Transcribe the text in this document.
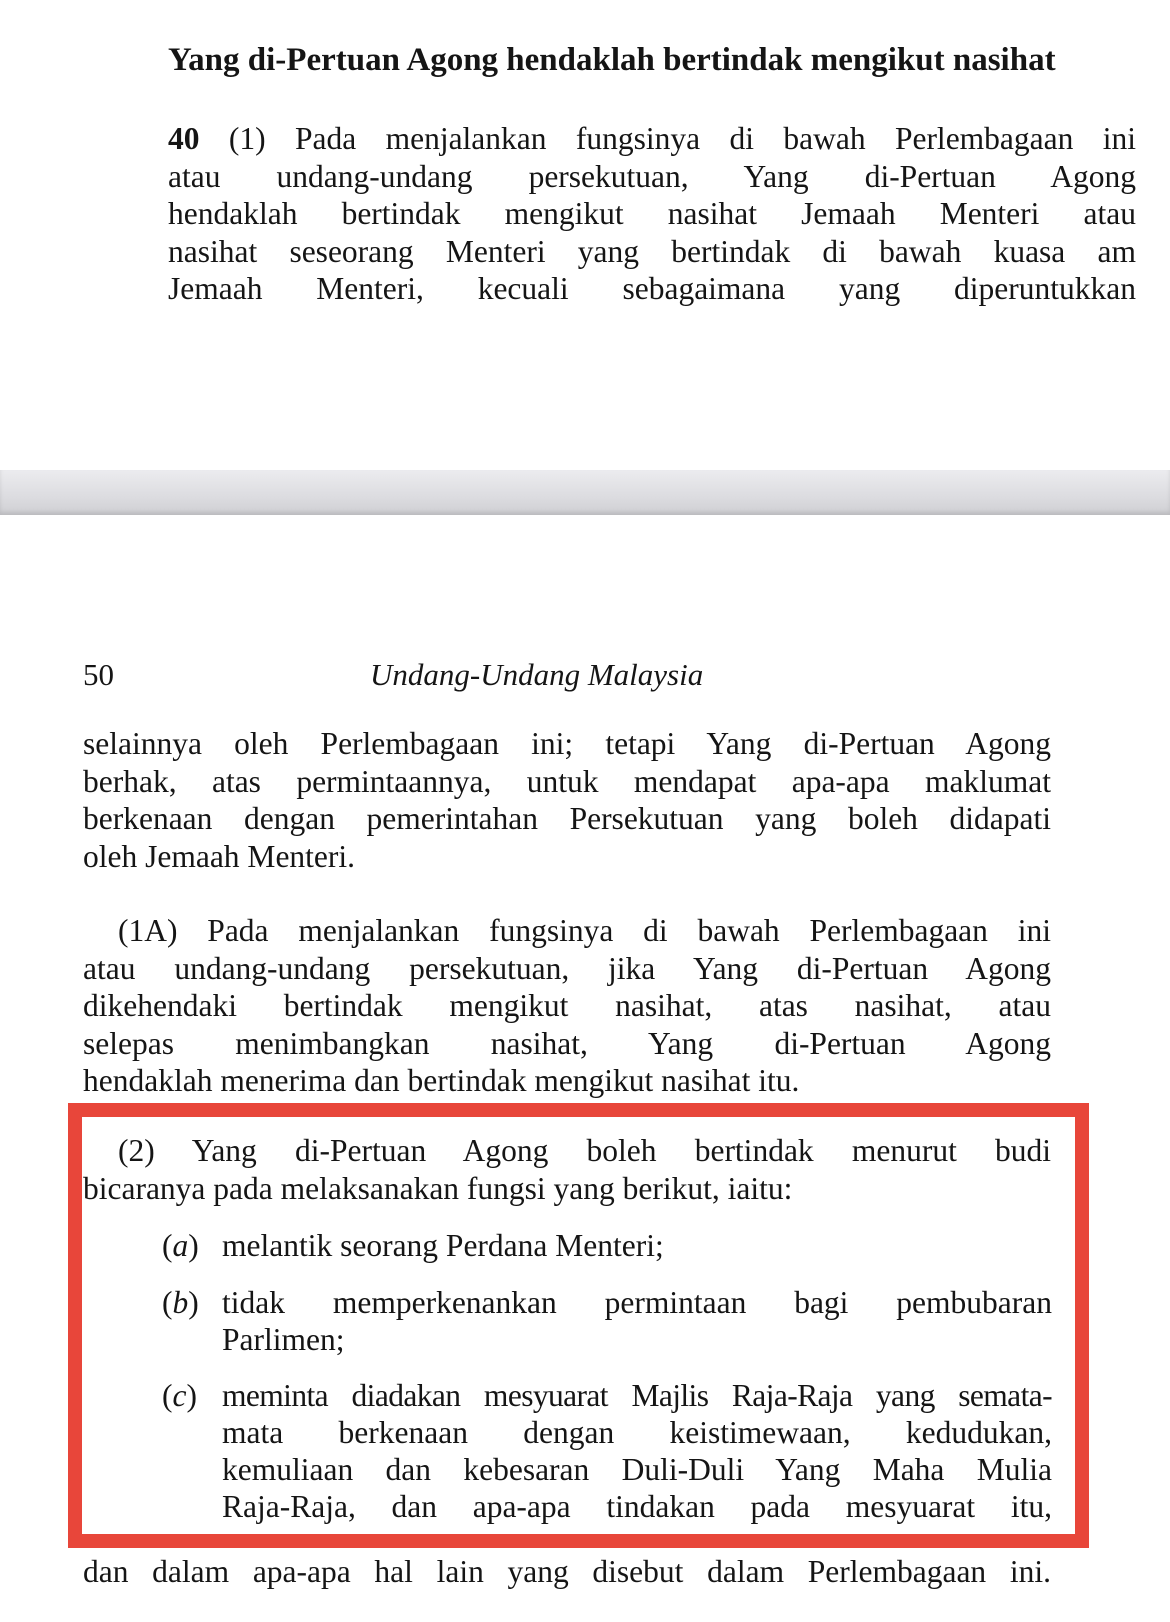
Yang di-Pertuan Agong hendaklah bertindak mengikut nasihat
40 (1) Pada menjalankan fungsinya di bawah Perlembagaan ini
atau undang-undang persekutuan, Yang di-Pertuan Agong
hendaklah bertindak mengikut nasihat Jemaah Menteri atau
nasihat seseorang Menteri yang bertindak di bawah kuasa am
Jemaah Menteri, kecuali sebagaimana yang diperuntukkan
50	Undang-Undang Malaysia
selainnya oleh Perlembagaan ini; tetapi Yang di-Pertuan Agong
berhak, atas permintaannya, untuk mendapat apa-apa maklumat
berkenaan dengan pemerintahan Persekutuan yang boleh didapati
oleh Jemaah Menteri.
(1A) Pada menjalankan fungsinya di bawah Perlembagaan ini
atau undang-undang persekutuan, jika Yang di-Pertuan Agong
dikehendaki bertindak mengikut nasihat, atas nasihat, atau
selepas menimbangkan nasihat, Yang di-Pertuan Agong
hendaklah menerima dan bertindak mengikut nasihat itu.
(2) Yang di-Pertuan Agong boleh bertindak menurut budi
bicaranya pada melaksanakan fungsi yang berikut, iaitu:
(a) melantik seorang Perdana Menteri;
(b) tidak memperkenankan permintaan bagi pembubaran
Parlimen;
(c) meminta diadakan mesyuarat Majlis Raja-Raja yang semata-
mata berkenaan dengan keistimewaan, kedudukan,
kemuliaan dan kebesaran Duli-Duli Yang Maha Mulia
Raja-Raja, dan apa-apa tindakan pada mesyuarat itu,
dan dalam apa-apa hal lain yang disebut dalam Perlembagaan ini.
